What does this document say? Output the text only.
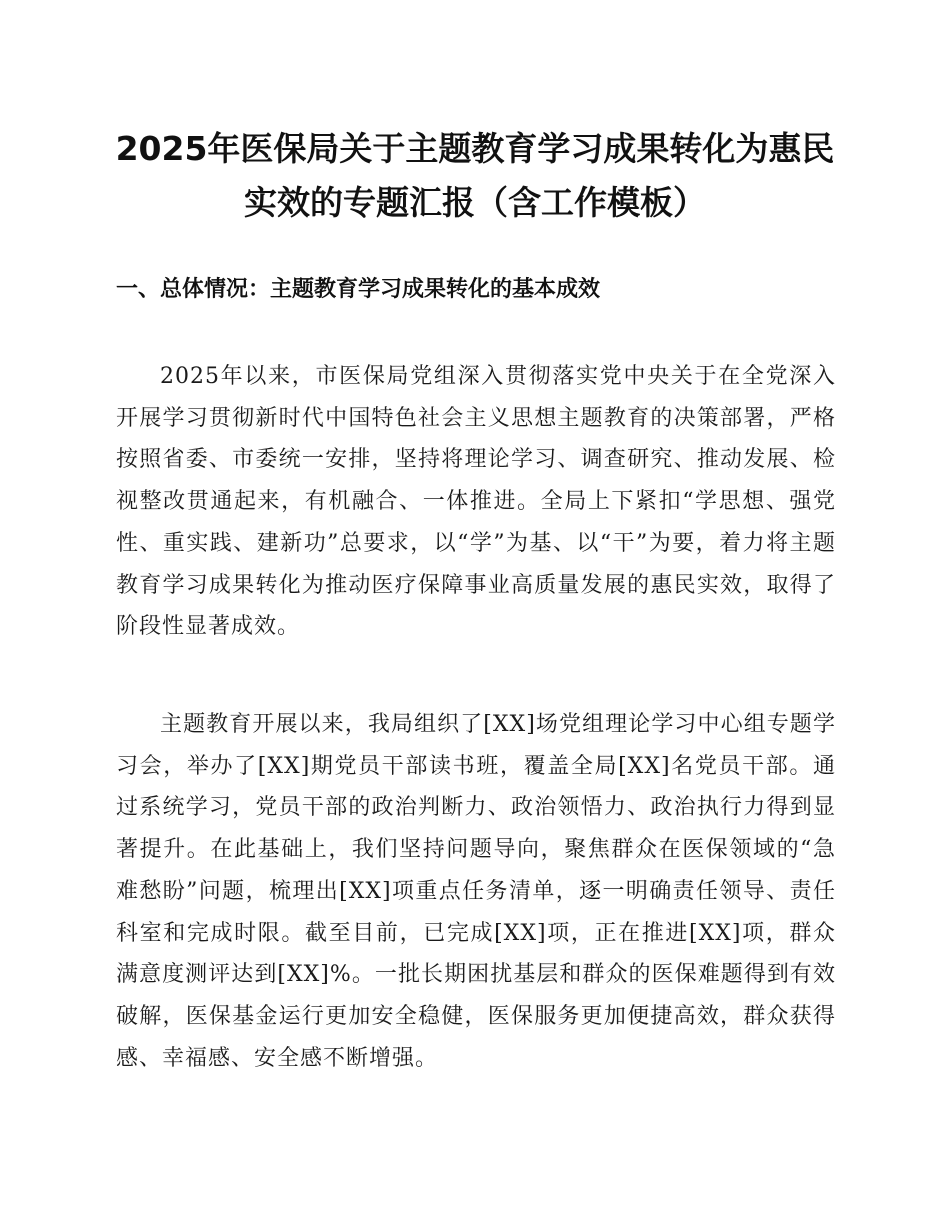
2025年医保局关于主题教育学习成果转化为惠民实效的专题汇报（含工作模板）
一、总体情况：主题教育学习成果转化的基本成效

2025年以来，市医保局党组深入贯彻落实党中央关于在全党深入开展学习贯彻新时代中国特色社会主义思想主题教育的决策部署，严格按照省委、市委统一安排，坚持将理论学习、调查研究、推动发展、检视整改贯通起来，有机融合、一体推进。全局上下紧扣“学思想、强党性、重实践、建新功”总要求，以“学”为基、以“干”为要，着力将主题教育学习成果转化为推动医疗保障事业高质量发展的惠民实效，取得了阶段性显著成效。

主题教育开展以来，我局组织了[XX]场党组理论学习中心组专题学习会，举办了[XX]期党员干部读书班，覆盖全局[XX]名党员干部。通过系统学习，党员干部的政治判断力、政治领悟力、政治执行力得到显著提升。在此基础上，我们坚持问题导向，聚焦群众在医保领域的“急难愁盼”问题，梳理出[XX]项重点任务清单，逐一明确责任领导、责任科室和完成时限。截至目前，已完成[XX]项，正在推进[XX]项，群众满意度测评达到[XX]%。一批长期困扰基层和群众的医保难题得到有效破解，医保基金运行更加安全稳健，医保服务更加便捷高效，群众获得感、幸福感、安全感不断增强。
